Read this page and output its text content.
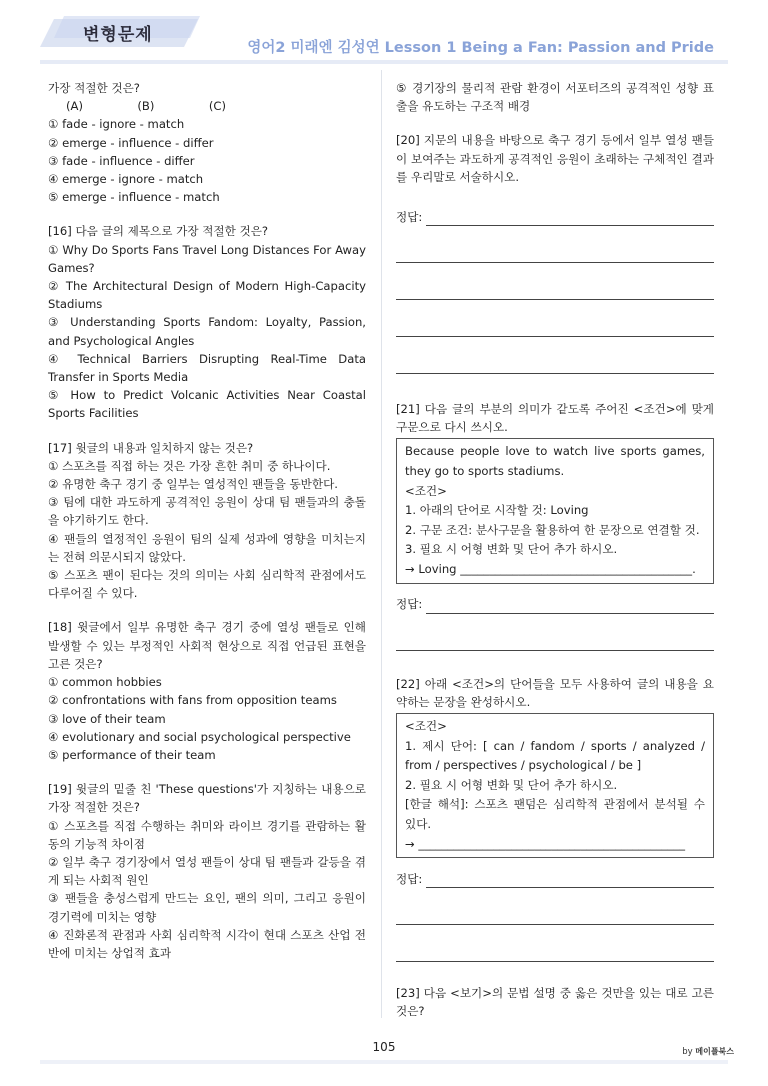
변형문제
영어2 미래엔 김성연 Lesson 1 Being a Fan: Passion and Pride

가장 적절한 것은?

(A)	(B)	(C)
① fade - ignore - match
② emerge - influence - differ
③ fade - influence - differ
④ emerge - ignore - match
⑤ emerge - influence - match

[16] 다음 글의 제목으로 가장 적절한 것은?

① Why Do Sports Fans Travel Long Distances For Away Games?

② The Architectural Design of Modern High-Capacity Stadiums

③ Understanding Sports Fandom: Loyalty, Passion, and Psychological Angles

④ Technical Barriers Disrupting Real-Time Data Transfer in Sports Media

⑤ How to Predict Volcanic Activities Near Coastal Sports Facilities

[17] 윗글의 내용과 일치하지 않는 것은?

① 스포츠를 직접 하는 것은 가장 흔한 취미 중 하나이다.

② 유명한 축구 경기 중 일부는 열성적인 팬들을 동반한다.

③ 팀에 대한 과도하게 공격적인 응원이 상대 팀 팬들과의 충돌을 야기하기도 한다.

④ 팬들의 열정적인 응원이 팀의 실제 성과에 영향을 미치는지는 전혀 의문시되지 않았다.

⑤ 스포츠 팬이 된다는 것의 의미는 사회 심리학적 관점에서도 다루어질 수 있다.

[18] 윗글에서 일부 유명한 축구 경기 중에 열성 팬들로 인해 발생할 수 있는 부정적인 사회적 현상으로 직접 언급된 표현을 고른 것은?

① common hobbies
② confrontations with fans from opposition teams
③ love of their team
④ evolutionary and social psychological perspective
⑤ performance of their team

[19] 윗글의 밑줄 친 'These questions'가 지칭하는 내용으로 가장 적절한 것은?

① 스포츠를 직접 수행하는 취미와 라이브 경기를 관람하는 활동의 기능적 차이점

② 일부 축구 경기장에서 열성 팬들이 상대 팀 팬들과 갈등을 겪게 되는 사회적 원인

③ 팬들을 충성스럽게 만드는 요인, 팬의 의미, 그리고 응원이 경기력에 미치는 영향

④ 진화론적 관점과 사회 심리학적 시각이 현대 스포츠 산업 전반에 미치는 상업적 효과

⑤ 경기장의 물리적 관람 환경이 서포터즈의 공격적인 성향 표출을 유도하는 구조적 배경

[20] 지문의 내용을 바탕으로 축구 경기 등에서 일부 열성 팬들이 보여주는 과도하게 공격적인 응원이 초래하는 구체적인 결과를 우리말로 서술하시오.

정답:

[21] 다음 글의 부분의 의미가 같도록 주어진 <조건>에 맞게 구문으로 다시 쓰시오.

Because people love to watch live sports games, they go to sports stadiums.

<조건>

1. 아래의 단어로 시작할 것: Loving

2. 구문 조건: 분사구문을 활용하여 한 문장으로 연결할 것.

3. 필요 시 어형 변화 및 단어 추가 하시오.

→ Loving ________________________________________.

정답:

[22] 아래 <조건>의 단어들을 모두 사용하여 글의 내용을 요약하는 문장을 완성하시오.

<조건>

1. 제시 단어: [ can / fandom / sports / analyzed / from / perspectives / psychological / be ]

2. 필요 시 어형 변화 및 단어 추가 하시오.

[한글 해석]: 스포츠 팬덤은 심리학적 관점에서 분석될 수 있다.

→ ______________________________________________

정답:

[23] 다음 <보기>의 문법 설명 중 옳은 것만을 있는 대로 고른 것은?

105	by 메이플북스
